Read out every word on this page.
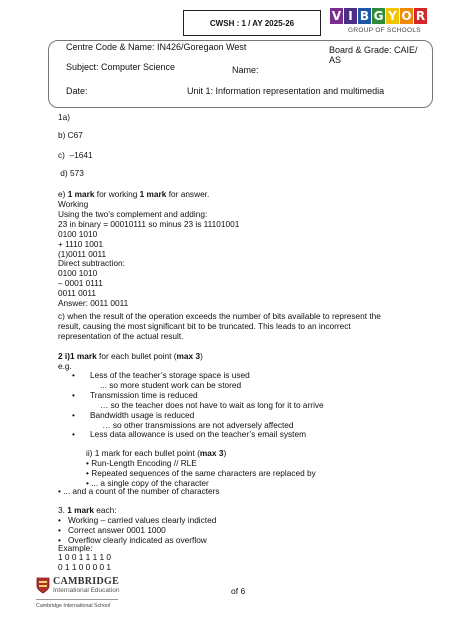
CWSH : 1 / AY 2025-26	V I B G Y O R
GROUP OF SCHOOLS
Centre Code & Name: IN426/Goregaon West	Board & Grade: CAIE/ AS
Subject: Computer Science	Name:
Date:	Unit 1: Information representation and multimedia
1a)
b) C67
c)  –1641
d) 573
e) 1 mark for working 1 mark for answer.
Working
Using the two’s complement and adding:
23 in binary = 00010111 so minus 23 is 11101001
0100 1010
+ 1110 1001
(1)0011 0011
Direct subtraction:
0100 1010
– 0001 0111
0011 0011
Answer: 0011 0011
c) when the result of the operation exceeds the number of bits available to represent the
result, causing the most significant bit to be truncated. This leads to an incorrect
representation of the actual result.
2 i)1 mark for each bullet point (max 3)
e.g.
•	Less of the teacher’s storage space is used
... so more student work can be stored
•	Transmission time is reduced
… so the teacher does not have to wait as long for it to arrive
•	Bandwidth usage is reduced
… so other transmissions are not adversely affected
•	Less data allowance is used on the teacher’s email system
ii) 1 mark for each bullet point (max 3)
• Run-Length Encoding // RLE
• Repeated sequences of the same characters are replaced by
• ... a single copy of the character
• ... and a count of the number of characters
3. 1 mark each:
• Working – carried values clearly indicted
• Correct answer 0001 1000
• Overflow clearly indicated as overflow
Example:
1 0 0 1 1 1 1 0
0 1 1 0 0 0 0 1
CAMBRIDGE
International Education
Cambridge International School
of 6
